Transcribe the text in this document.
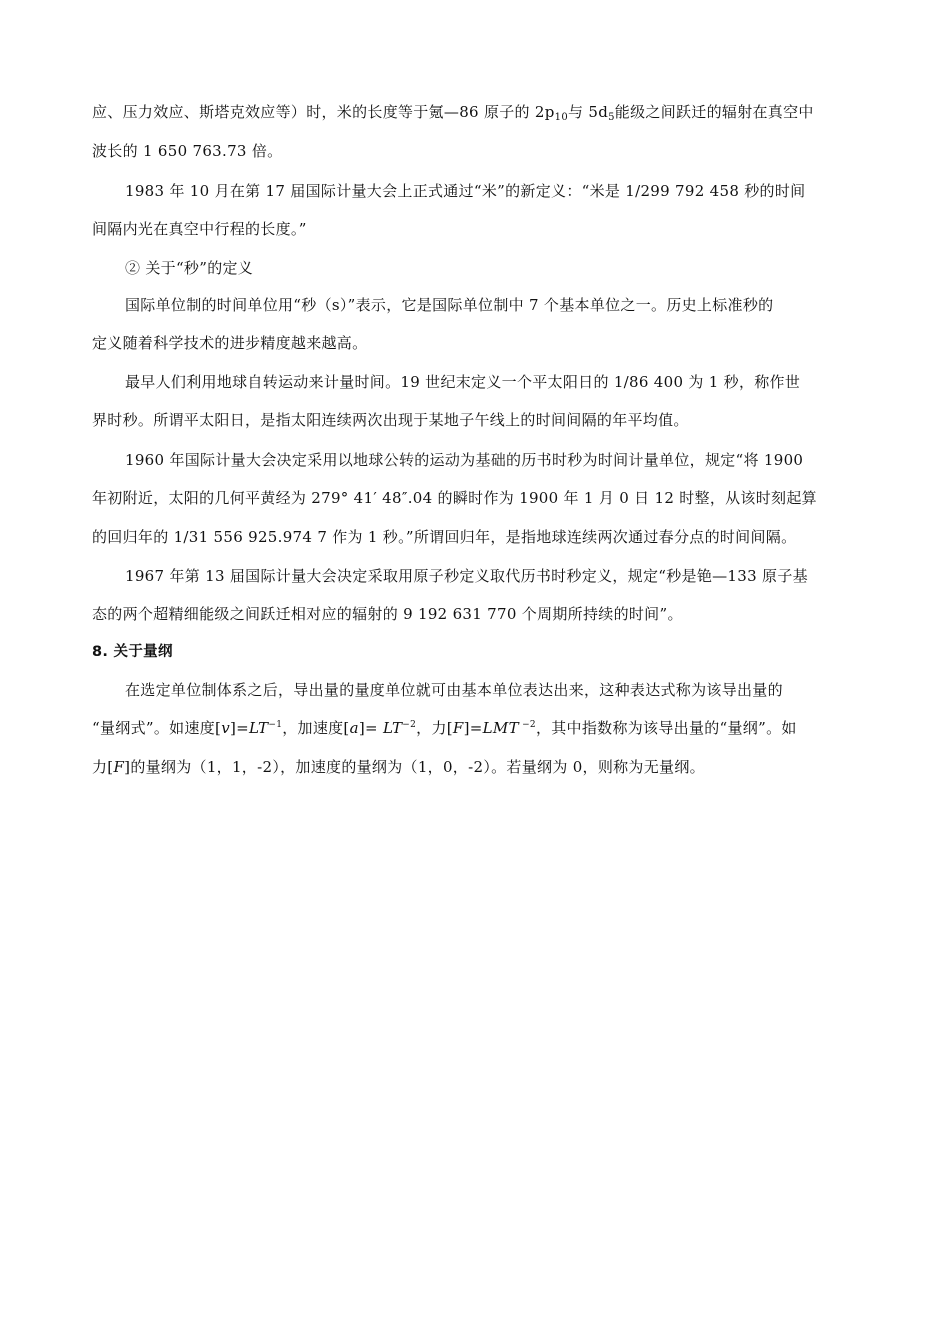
应、压力效应、斯塔克效应等）时，米的长度等于氪—86 原子的 $2p_{10}$与 $5d_5$能级之间跃迁的辐射在真空中

波长的 1 650 763.73 倍。

1983 年 10 月在第 17 届国际计量大会上正式通过“米”的新定义：“米是 1/299 792 458 秒的时间

间隔内光在真空中行程的长度。”

② 关于“秒”的定义

国际单位制的时间单位用“秒（s）”表示，它是国际单位制中 7 个基本单位之一。历史上标准秒的

定义随着科学技术的进步精度越来越高。

最早人们利用地球自转运动来计量时间。19 世纪末定义一个平太阳日的 1/86 400 为 1 秒，称作世

界时秒。所谓平太阳日，是指太阳连续两次出现于某地子午线上的时间间隔的年平均值。

1960 年国际计量大会决定采用以地球公转的运动为基础的历书时秒为时间计量单位，规定“将 1900

年初附近，太阳的几何平黄经为 279° 41′ 48″.04 的瞬时作为 1900 年 1 月 0 日 12 时整，从该时刻起算

的回归年的 1/31 556 925.974 7 作为 1 秒。”所谓回归年，是指地球连续两次通过春分点的时间间隔。

1967 年第 13 届国际计量大会决定采取用原子秒定义取代历书时秒定义，规定“秒是铯—133 原子基

态的两个超精细能级之间跃迁相对应的辐射的 9 192 631 770 个周期所持续的时间”。

8. 关于量纲

在选定单位制体系之后，导出量的量度单位就可由基本单位表达出来，这种表达式称为该导出量的

“量纲式”。如速度$[v]=LT^{-1}$，加速度$[a]= LT^{-2}$，力[F]=LMT $^{-2}$，其中指数称为该导出量的“量纲”。如

力[F]的量纲为（1，1，-2），加速度的量纲为（1，0，-2）。若量纲为 0，则称为无量纲。
